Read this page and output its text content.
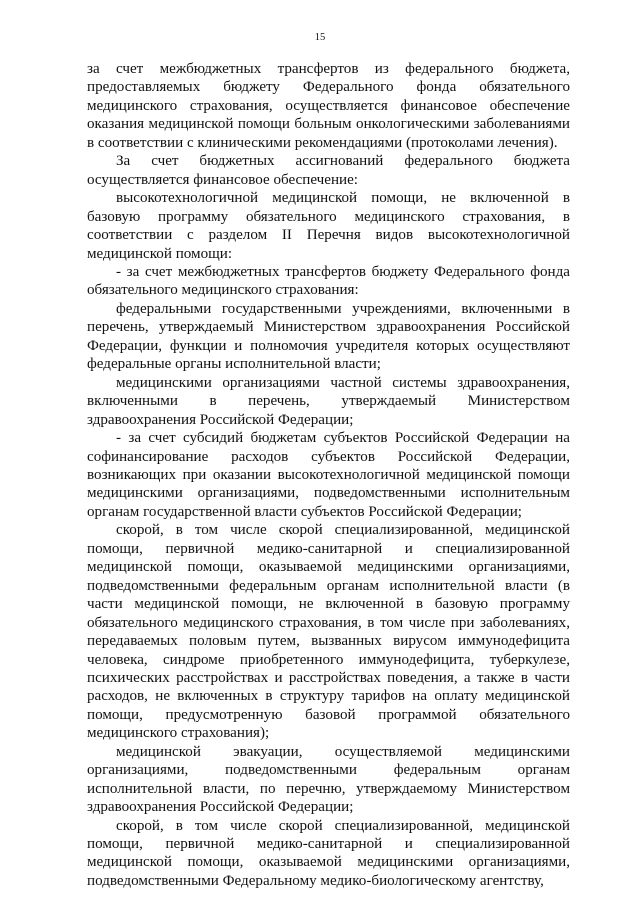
15

за счет межбюджетных трансфертов из федерального бюджета, предоставляемых бюджету Федерального фонда обязательного медицинского страхования, осуществляется финансовое обеспечение оказания медицинской помощи больным онкологическими заболеваниями в соответствии с клиническими рекомендациями (протоколами лечения).

За счет бюджетных ассигнований федерального бюджета осуществляется финансовое обеспечение:

высокотехнологичной медицинской помощи, не включенной в базовую программу обязательного медицинского страхования, в соответствии с разделом II Перечня видов высокотехнологичной медицинской помощи:

- за счет межбюджетных трансфертов бюджету Федерального фонда обязательного медицинского страхования:

федеральными государственными учреждениями, включенными в перечень, утверждаемый Министерством здравоохранения Российской Федерации, функции и полномочия учредителя которых осуществляют федеральные органы исполнительной власти;

медицинскими организациями частной системы здравоохранения, включенными в перечень, утверждаемый Министерством здравоохранения Российской Федерации;

- за счет субсидий бюджетам субъектов Российской Федерации на софинансирование расходов субъектов Российской Федерации, возникающих при оказании высокотехнологичной медицинской помощи медицинскими организациями, подведомственными исполнительным органам государственной власти субъектов Российской Федерации;

скорой, в том числе скорой специализированной, медицинской помощи, первичной медико-санитарной и специализированной медицинской помощи, оказываемой медицинскими организациями, подведомственными федеральным органам исполнительной власти (в части медицинской помощи, не включенной в базовую программу обязательного медицинского страхования, в том числе при заболеваниях, передаваемых половым путем, вызванных вирусом иммунодефицита человека, синдроме приобретенного иммунодефицита, туберкулезе, психических расстройствах и расстройствах поведения, а также в части расходов, не включенных в структуру тарифов на оплату медицинской помощи, предусмотренную базовой программой обязательного медицинского страхования);

медицинской эвакуации, осуществляемой медицинскими организациями, подведомственными федеральным органам исполнительной власти, по перечню, утверждаемому Министерством здравоохранения Российской Федерации;

скорой, в том числе скорой специализированной, медицинской помощи, первичной медико-санитарной и специализированной медицинской помощи, оказываемой медицинскими организациями, подведомственными Федеральному медико-биологическому агентству,
